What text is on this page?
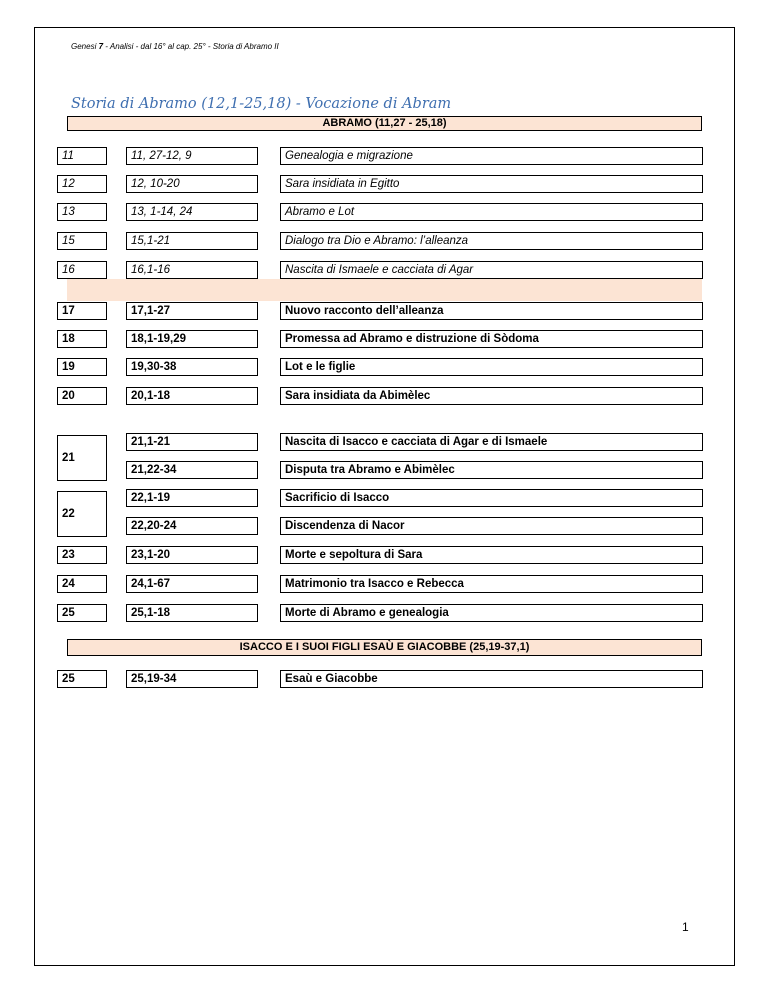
Genesi 7 - Analisi - dal 16° al cap. 25° - Storia di Abramo II
Storia di Abramo (12,1-25,18) - Vocazione di Abram
ABRAMO (11,27 - 25,18)
11	11, 27-12, 9	Genealogia e migrazione
12	12, 10-20	Sara insidiata in Egitto
13	13, 1-14, 24	Abramo e Lot
15	15,1-21	Dialogo tra Dio e Abramo: l’alleanza
16	16,1-16	Nascita di Ismaele e cacciata di Agar
17	17,1-27	Nuovo racconto dell’alleanza
18	18,1-19,29	Promessa ad Abramo e distruzione di Sòdoma
19	19,30-38	Lot e le figlie
20	20,1-18	Sara insidiata da Abimèlec
21
21,1-21	Nascita di Isacco e cacciata di Agar e di Ismaele
21,22-34	Disputa tra Abramo e Abimèlec
22
22,1-19	Sacrificio di Isacco
22,20-24	Discendenza di Nacor
23	23,1-20	Morte e sepoltura di Sara
24	24,1-67	Matrimonio tra Isacco e Rebecca
25	25,1-18	Morte di Abramo e genealogia
ISACCO E I SUOI FIGLI ESAÙ E GIACOBBE (25,19-37,1)
25	25,19-34	Esaù e Giacobbe
1
